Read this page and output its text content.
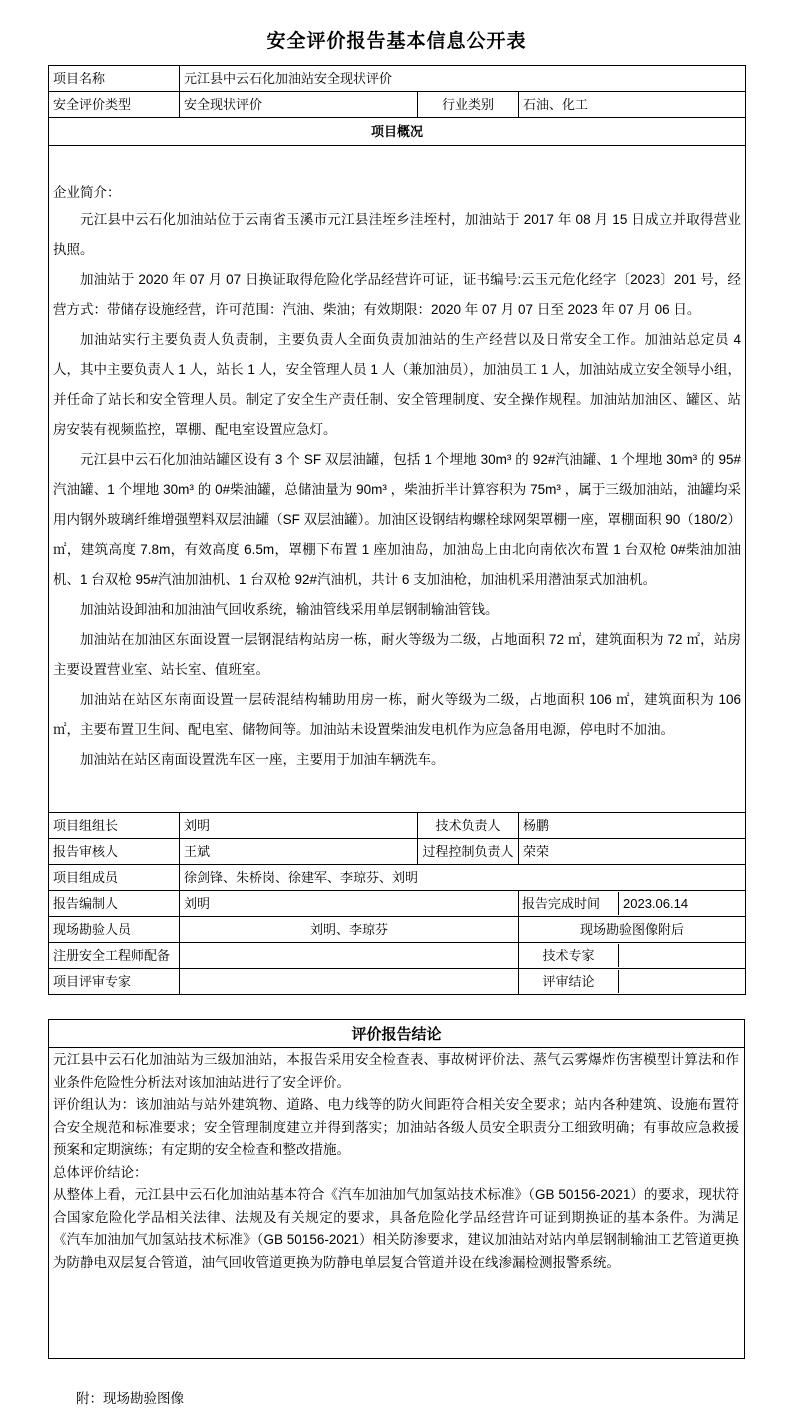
安全评价报告基本信息公开表
项目名称	元江县中云石化加油站安全现状评价
安全评价类型	安全现状评价	行业类别	石油、化工
项目概况

企业简介：

元江县中云石化加油站位于云南省玉溪市元江县洼垤乡洼垤村，加油站于 2017 年 08 月 15 日成立并取得营业执照。

加油站于 2020 年 07 月 07 日换证取得危险化学品经营许可证，证书编号:云玉元危化经字〔2023〕201 号，经营方式：带储存设施经营，许可范围：汽油、柴油；有效期限：2020 年 07 月 07 日至 2023 年 07 月 06 日。

加油站实行主要负责人负责制，主要负责人全面负责加油站的生产经营以及日常安全工作。加油站总定员 4 人，其中主要负责人 1 人，站长 1 人，安全管理人员 1 人（兼加油员），加油员工 1 人，加油站成立安全领导小组，并任命了站长和安全管理人员。制定了安全生产责任制、安全管理制度、安全操作规程。加油站加油区、罐区、站房安装有视频监控，罩棚、配电室设置应急灯。

元江县中云石化加油站罐区设有 3 个 SF 双层油罐，包括 1 个埋地 30m³ 的 92#汽油罐、1 个埋地 30m³ 的 95#汽油罐、1 个埋地 30m³ 的 0#柴油罐，总储油量为 90m³ ，柴油折半计算容积为 75m³ ，属于三级加油站，油罐均采用内钢外玻璃纤维增强塑料双层油罐（SF 双层油罐）。加油区设钢结构螺栓球网架罩棚一座，罩棚面积 90（180/2）㎡，建筑高度 7.8m，有效高度 6.5m，罩棚下布置 1 座加油岛，加油岛上由北向南依次布置 1 台双枪 0#柴油加油机、1 台双枪 95#汽油加油机、1 台双枪 92#汽油机，共计 6 支加油枪，加油机采用潜油泵式加油机。

加油站设卸油和加油油气回收系统，输油管线采用单层钢制输油管钱。

加油站在加油区东面设置一层钢混结构站房一栋，耐火等级为二级，占地面积 72 ㎡，建筑面积为 72 ㎡，站房主要设置营业室、站长室、值班室。

加油站在站区东南面设置一层砖混结构辅助用房一栋，耐火等级为二级，占地面积 106 ㎡，建筑面积为 106 ㎡，主要布置卫生间、配电室、储物间等。加油站未设置柴油发电机作为应急备用电源，停电时不加油。

加油站在站区南面设置洗车区一座，主要用于加油车辆洗车。

项目组组长	刘明	技术负责人	杨鹏
报告审核人	王斌	过程控制负责人	荣荣
项目组成员	徐剑锋、朱桥岗、徐建军、李琼芬、刘明
报告编制人	刘明		报告完成时间	2023.06.14

现场勘验人员	刘明、李琼芬	现场勘验图像附后
注册安全工程师配备			技术专家	

项目评审专家			评审结论	
评价报告结论

元江县中云石化加油站为三级加油站，本报告采用安全检查表、事故树评价法、蒸气云雾爆炸伤害模型计算法和作业条件危险性分析法对该加油站进行了安全评价。

评价组认为：该加油站与站外建筑物、道路、电力线等的防火间距符合相关安全要求；站内各种建筑、设施布置符合安全规范和标准要求；安全管理制度建立并得到落实；加油站各级人员安全职责分工细致明确；有事故应急救援预案和定期演练；有定期的安全检查和整改措施。

总体评价结论：

从整体上看，元江县中云石化加油站基本符合《汽车加油加气加氢站技术标准》（GB 50156-2021）的要求，现状符合国家危险化学品相关法律、法规及有关规定的要求，具备危险化学品经营许可证到期换证的基本条件。为满足《汽车加油加气加氢站技术标准》（GB 50156-2021）相关防渗要求，建议加油站对站内单层钢制输油工艺管道更换为防静电双层复合管道，油气回收管道更换为防静电单层复合管道并设在线渗漏检测报警系统。

附：现场勘验图像
